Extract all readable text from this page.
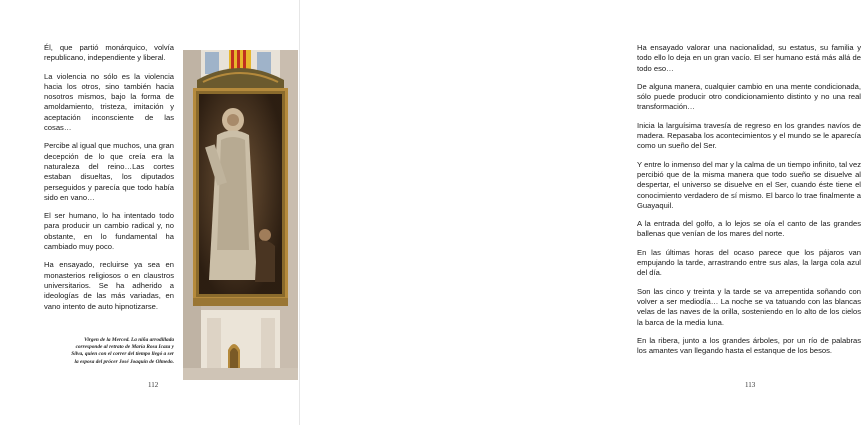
Él, que partió monárquico, volvía republicano, independiente y liberal.

La violencia no sólo es la violencia hacia los otros, sino también hacia nosotros mismos, bajo la forma de amoldamiento, tristeza, imitación y aceptación inconsciente de las cosas…

Percibe al igual que muchos, una gran decepción de lo que creía era la naturaleza del reino…Las cortes estaban disueltas, los diputados perseguidos y parecía que todo había sido en vano…

El ser humano, lo ha intentado todo para producir un cambio radical y, no obstante, en lo fundamental ha cambiado muy poco.

Ha ensayado, recluirse ya sea en monasterios religiosos o en claustros universitarios. Se ha adherido a ideologías de las más variadas, en vano intento de auto hipnotizarse.

Virgen de la Merced. La niña arrodillada

corresponde al retrato de María Rosa Icaza y

Silva, quien con el correr del tiempo llegó a ser

la esposa del prócer José Joaquín de Olmedo.

112

Ha ensayado valorar una nacionalidad, su estatus, su familia y todo ello lo deja en un gran vacío. El ser humano está más allá de todo eso…

De alguna manera, cualquier cambio en una mente condicionada, sólo puede producir otro condicionamiento distinto y no una real transformación…

Inicia la larguísima travesía de regreso en los grandes navíos de madera. Repasaba los acontecimientos y el mundo se le aparecía como un sueño del Ser.

Y entre lo inmenso del mar y la calma de un tiempo infinito, tal vez percibió que de la misma manera que todo sueño se disuelve al despertar, el universo se disuelve en el Ser, cuando éste tiene el conocimiento verdadero de sí mismo. El barco lo trae finalmente a Guayaquil.

A la entrada del golfo, a lo lejos se oía el canto de las grandes ballenas que venían de los mares del norte.

En las últimas horas del ocaso parece que los pájaros van empujando la tarde, arrastrando entre sus alas, la larga cola azul del día.

Son las cinco y treinta y la tarde se va arrepentida soñando con volver a ser mediodía… La noche se va tatuando con las blancas velas de las naves de la orilla, sosteniendo en lo alto de los cielos la barca de la media luna.

En la ribera, junto a los grandes árboles, por un río de palabras los amantes van llegando hasta el estanque de los besos.

113
